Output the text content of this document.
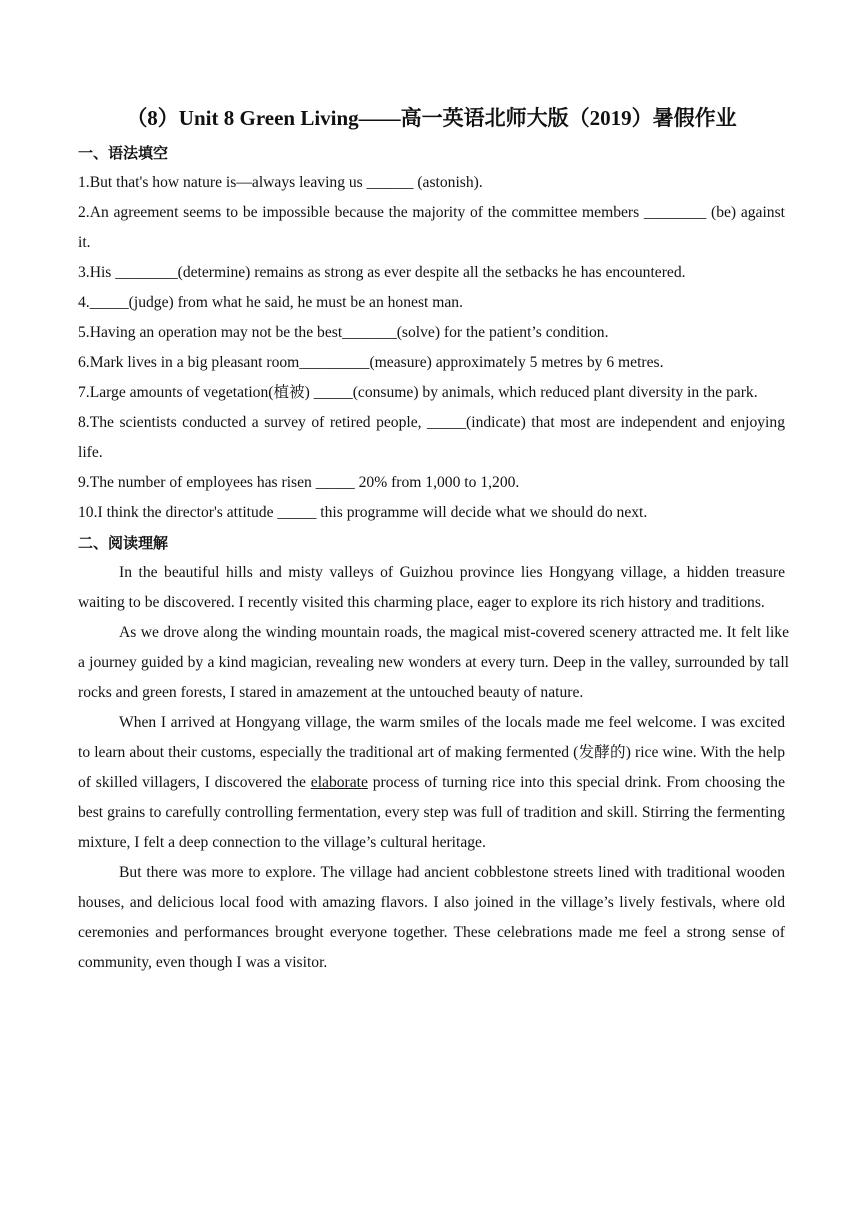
（8）Unit 8 Green Living——高一英语北师大版（2019）暑假作业
一、语法填空

1.But that's how nature is—always leaving us ______ (astonish).

2.An agreement seems to be impossible because the majority of the committee members ________ (be) against it.

3.His ________(determine) remains as strong as ever despite all the setbacks he has encountered.

4._____(judge) from what he said, he must be an honest man.

5.Having an operation may not be the best_______(solve) for the patient’s condition.

6.Mark lives in a big pleasant room_________(measure) approximately 5 metres by 6 metres.

7.Large amounts of vegetation(植被) _____(consume) by animals, which reduced plant diversity in the park.

8.The scientists conducted a survey of retired people, _____(indicate) that most are independent and enjoying life.

9.The number of employees has risen _____ 20% from 1,000 to 1,200.

10.I think the director's attitude _____ this programme will decide what we should do next.

二、阅读理解

In the beautiful hills and misty valleys of Guizhou province lies Hongyang village, a hidden treasure waiting to be discovered. I recently visited this charming place, eager to explore its rich history and traditions.

As we drove along the winding mountain roads, the magical mist-covered scenery attracted me. It felt like a journey guided by a kind magician, revealing new wonders at every turn. Deep in the valley, surrounded by tall rocks and green forests, I stared in amazement at the untouched beauty of nature.

When I arrived at Hongyang village, the warm smiles of the locals made me feel welcome. I was excited to learn about their customs, especially the traditional art of making fermented (发酵的) rice wine. With the help of skilled villagers, I discovered the elaborate process of turning rice into this special drink. From choosing the best grains to carefully controlling fermentation, every step was full of tradition and skill. Stirring the fermenting mixture, I felt a deep connection to the village’s cultural heritage.

But there was more to explore. The village had ancient cobblestone streets lined with traditional wooden houses, and delicious local food with amazing flavors. I also joined in the village’s lively festivals, where old ceremonies and performances brought everyone together. These celebrations made me feel a strong sense of community, even though I was a visitor.
